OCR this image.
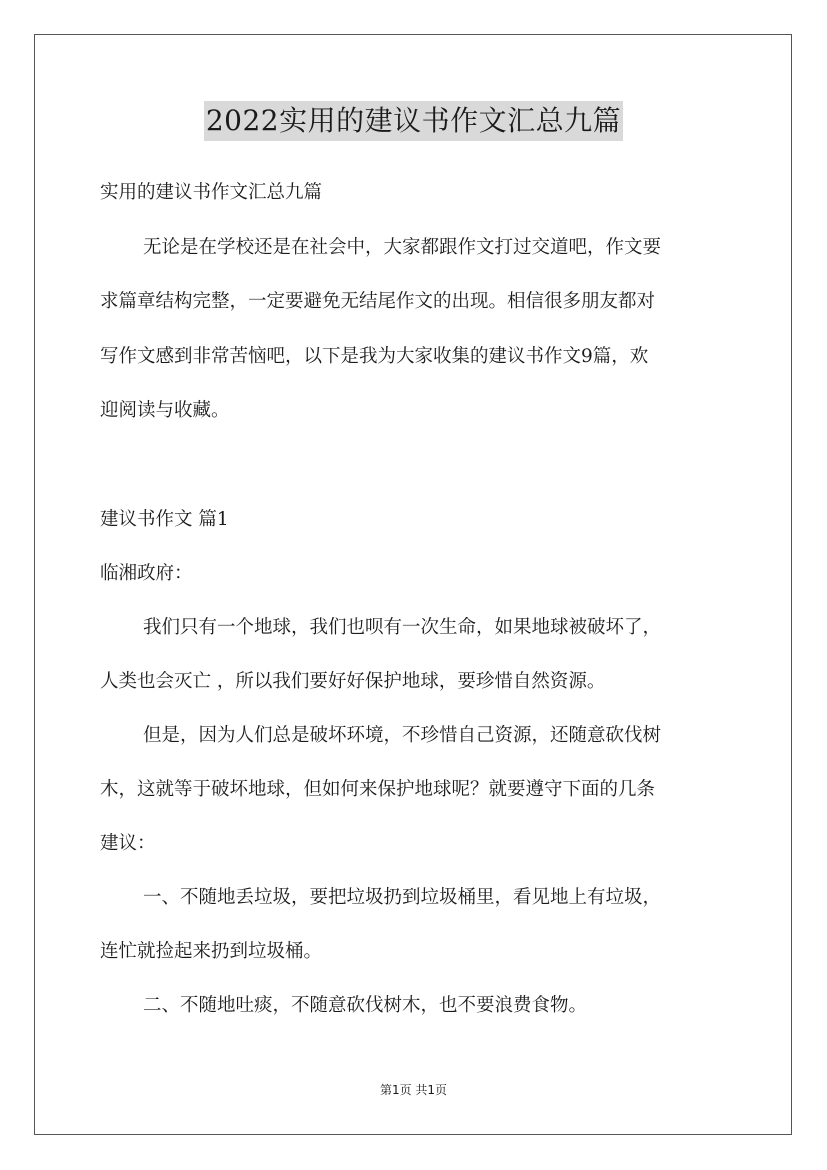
2022实用的建议书作文汇总九篇
实用的建议书作文汇总九篇
无论是在学校还是在社会中，大家都跟作文打过交道吧，作文要
求篇章结构完整，一定要避免无结尾作文的出现。相信很多朋友都对
写作文感到非常苦恼吧，以下是我为大家收集的建议书作文9篇，欢
迎阅读与收藏。
建议书作文 篇1
临湘政府：
我们只有一个地球，我们也呗有一次生命，如果地球被破坏了，
人类也会灭亡 ，所以我们要好好保护地球，要珍惜自然资源。
但是，因为人们总是破坏环境，不珍惜自己资源，还随意砍伐树
木，这就等于破坏地球，但如何来保护地球呢？就要遵守下面的几条
建议：
一、不随地丢垃圾，要把垃圾扔到垃圾桶里，看见地上有垃圾，
连忙就捡起来扔到垃圾桶。
二、不随地吐痰，不随意砍伐树木，也不要浪费食物。
第1页 共1页
